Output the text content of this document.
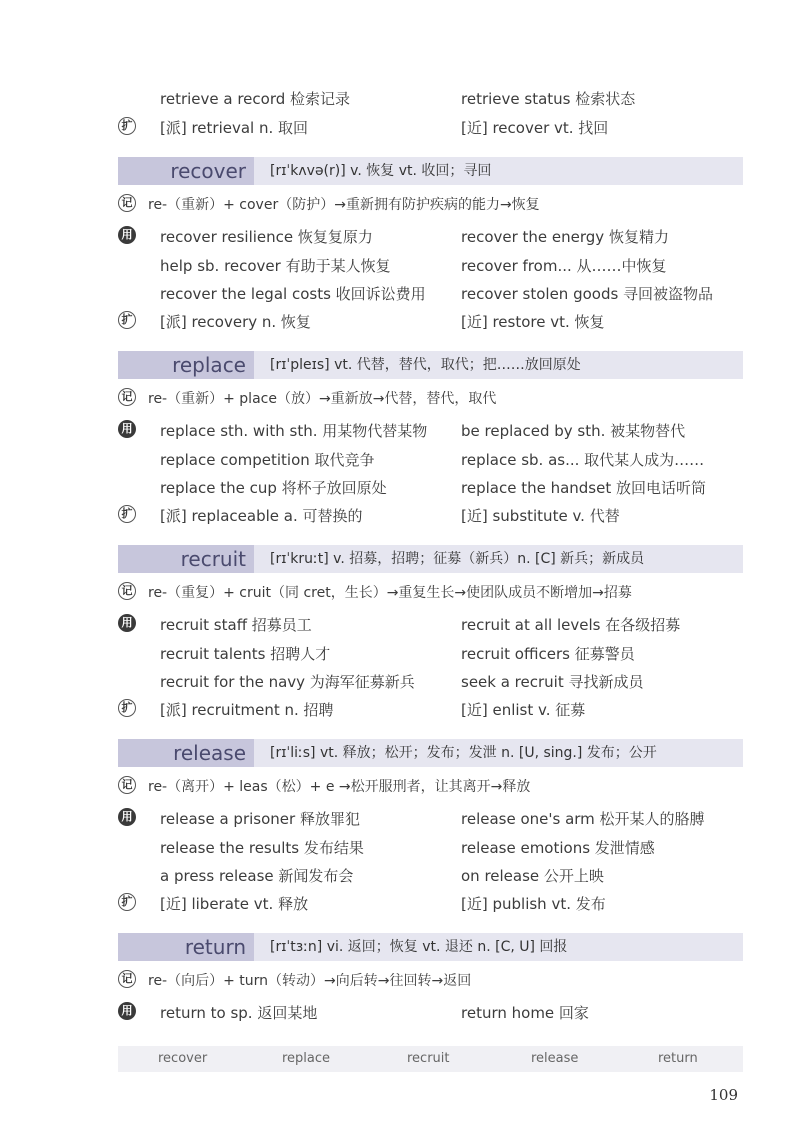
retrieve a record 检索记录	retrieve status 检索状态
扩 [派] retrieval n. 取回	[近] recover vt. 找回
recover	[rɪˈkʌvə(r)] v. 恢复 vt. 收回；寻回
记 re-（重新）+ cover（防护）→重新拥有防护疾病的能力→恢复
用 recover resilience 恢复复原力	recover the energy 恢复精力
help sb. recover 有助于某人恢复	recover from... 从……中恢复
recover the legal costs 收回诉讼费用 recover stolen goods 寻回被盗物品
扩 [派] recovery n. 恢复	[近] restore vt. 恢复
replace	[rɪˈpleɪs] vt. 代替，替代，取代；把……放回原处
记 re-（重新）+ place（放）→重新放→代替，替代，取代
用 replace sth. with sth. 用某物代替某物 be replaced by sth. 被某物替代
replace competition 取代竞争	replace sb. as... 取代某人成为……
replace the cup 将杯子放回原处	replace the handset 放回电话听筒
扩 [派] replaceable a. 可替换的	[近] substitute v. 代替
recruit	[rɪˈkruːt] v. 招募，招聘；征募（新兵）n. [C] 新兵；新成员
记 re-（重复）+ cruit（同 cret，生长）→重复生长→使团队成员不断增加→招募
用 recruit staff 招募员工	recruit at all levels 在各级招募
recruit talents 招聘人才	recruit officers 征募警员
recruit for the navy 为海军征募新兵	seek a recruit 寻找新成员
扩 [派] recruitment n. 招聘	[近] enlist v. 征募
release	[rɪˈliːs] vt. 释放；松开；发布；发泄 n. [U, sing.] 发布；公开
记 re-（离开）+ leas（松）+ e →松开服刑者，让其离开→释放
用 release a prisoner 释放罪犯	release one's arm 松开某人的胳膊
release the results 发布结果	release emotions 发泄情感
a press release 新闻发布会	on release 公开上映
扩 [近] liberate vt. 释放	[近] publish vt. 发布
return	[rɪˈtɜːn] vi. 返回；恢复 vt. 退还 n. [C, U] 回报
记 re-（向后）+ turn（转动）→向后转→往回转→返回
用 return to sp. 返回某地	return home 回家
recover	replace	recruit	release	return
109
